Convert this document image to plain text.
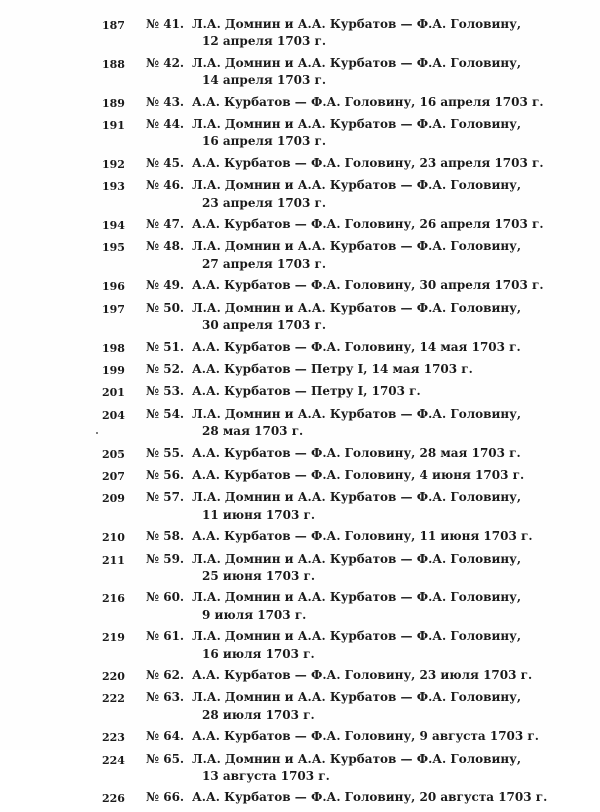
187	№ 41. Л.А. Домнин и А.А. Курбатов — Ф.А. Головину,
12 апреля 1703 г.
188	№ 42. Л.А. Домнин и А.А. Курбатов — Ф.А. Головину,
14 апреля 1703 г.
189	№ 43. А.А. Курбатов — Ф.А. Головину, 16 апреля 1703 г.
191	№ 44. Л.А. Домнин и А.А. Курбатов — Ф.А. Головину,
16 апреля 1703 г.
192	№ 45. А.А. Курбатов — Ф.А. Головину, 23 апреля 1703 г.
193	№ 46. Л.А. Домнин и А.А. Курбатов — Ф.А. Головину,
23 апреля 1703 г.
194	№ 47. А.А. Курбатов — Ф.А. Головину, 26 апреля 1703 г.
195	№ 48. Л.А. Домнин и А.А. Курбатов — Ф.А. Головину,
27 апреля 1703 г.
196	№ 49. А.А. Курбатов — Ф.А. Головину, 30 апреля 1703 г.
197	№ 50. Л.А. Домнин и А.А. Курбатов — Ф.А. Головину,
30 апреля 1703 г.
198	№ 51. А.А. Курбатов — Ф.А. Головину, 14 мая 1703 г.
199	№ 52. А.А. Курбатов — Петру I, 14 мая 1703 г.
201	№ 53. А.А. Курбатов — Петру I, 1703 г.
204	№ 54. Л.А. Домнин и А.А. Курбатов — Ф.А. Головину,
28 мая 1703 г.
205	№ 55. А.А. Курбатов — Ф.А. Головину, 28 мая 1703 г.
207	№ 56. А.А. Курбатов — Ф.А. Головину, 4 июня 1703 г.
209	№ 57. Л.А. Домнин и А.А. Курбатов — Ф.А. Головину,
11 июня 1703 г.
210	№ 58. А.А. Курбатов — Ф.А. Головину, 11 июня 1703 г.
211	№ 59. Л.А. Домнин и А.А. Курбатов — Ф.А. Головину,
25 июня 1703 г.
216	№ 60. Л.А. Домнин и А.А. Курбатов — Ф.А. Головину,
9 июля 1703 г.
219	№ 61. Л.А. Домнин и А.А. Курбатов — Ф.А. Головину,
16 июля 1703 г.
220	№ 62. А.А. Курбатов — Ф.А. Головину, 23 июля 1703 г.
222	№ 63. Л.А. Домнин и А.А. Курбатов — Ф.А. Головину,
28 июля 1703 г.
223	№ 64. А.А. Курбатов — Ф.А. Головину, 9 августа 1703 г.
224	№ 65. Л.А. Домнин и А.А. Курбатов — Ф.А. Головину,
13 августа 1703 г.
226	№ 66. А.А. Курбатов — Ф.А. Головину, 20 августа 1703 г.
